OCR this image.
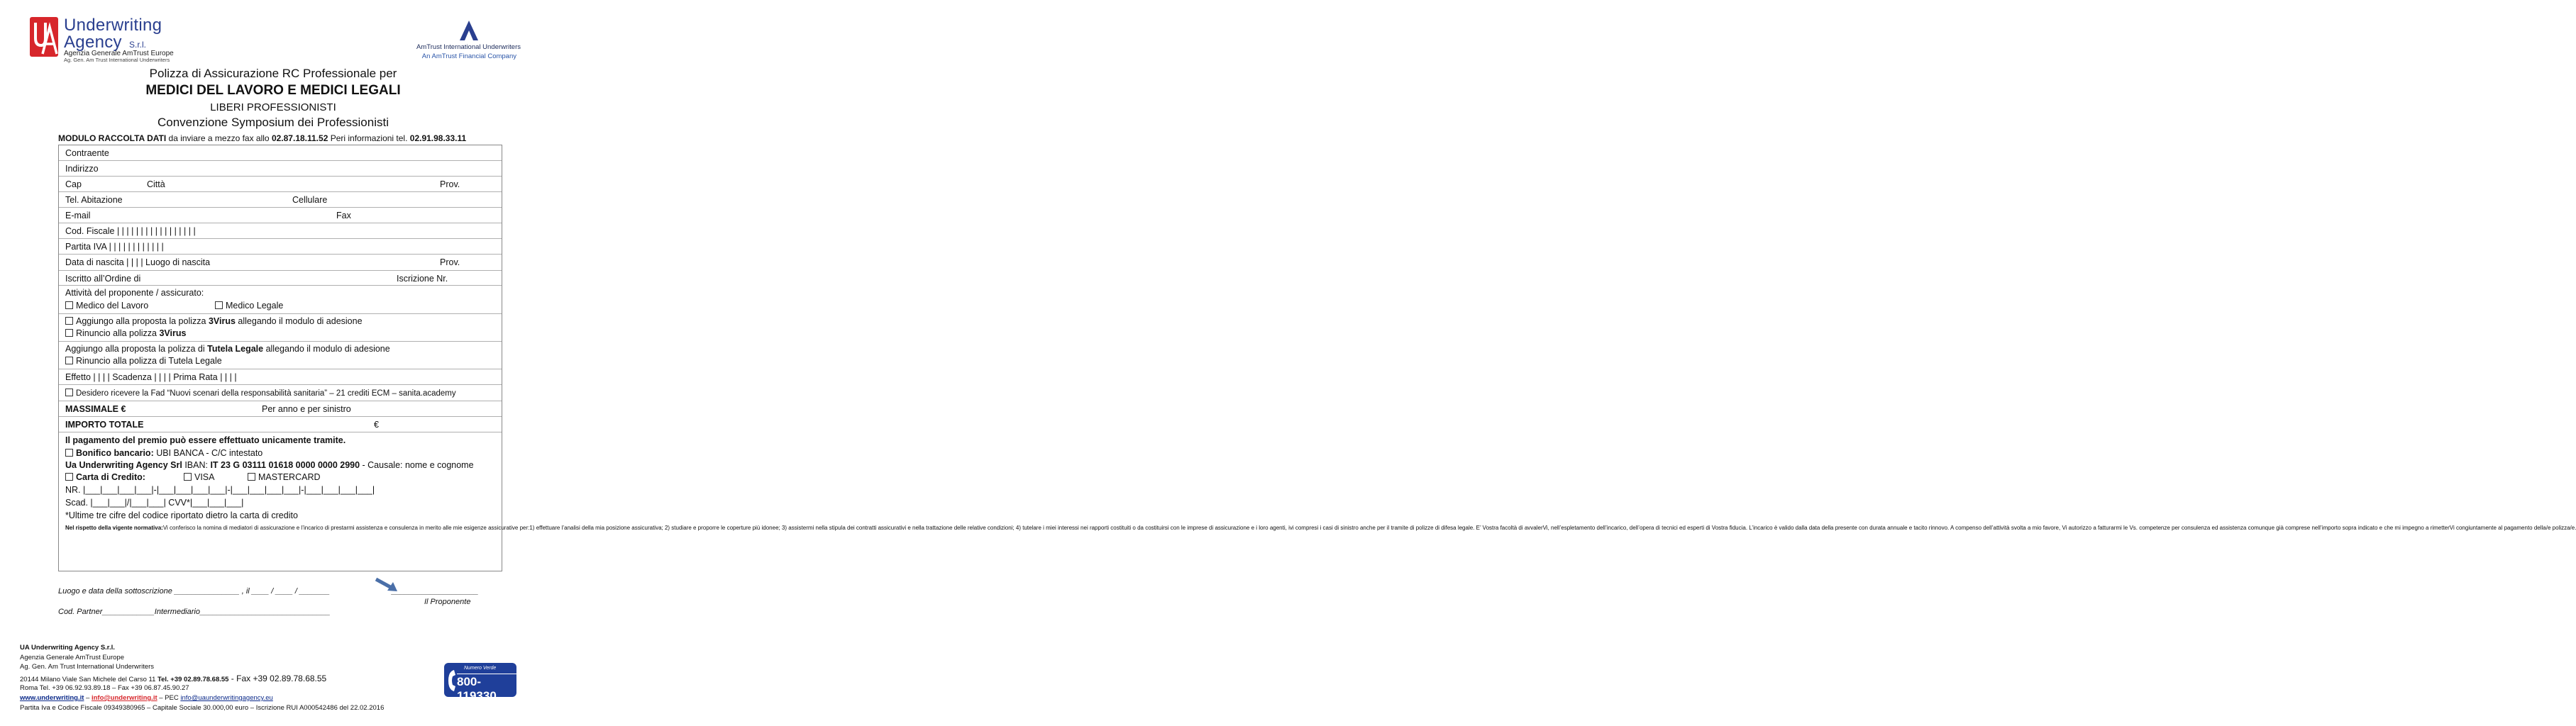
Underwriting
Agency S.r.l.
Agenzia Generale AmTrust Europe
Ag. Gen. Am Trust International Underwriters
AmTrust International Underwriters
An AmTrust Financial Company
Polizza di Assicurazione RC Professionale per
MEDICI DEL LAVORO E MEDICI LEGALI
LIBERI PROFESSIONISTI
Convenzione Symposium dei Professionisti
MODULO RACCOLTA DATI da inviare a mezzo fax allo 02.87.18.11.52 Peri informazioni tel. 02.91.98.33.11
Contraente
Indirizzo
Cap	Città	Prov.
Tel. Abitazione	Cellulare
E-mail	Fax
Cod. Fiscale | | | | | | | | | | | | | | | | |
Partita IVA | | | | | | | | | | | |
Data di nascita | | | | Luogo di nascita	Prov.
Iscritto all’Ordine di	Iscrizione Nr.
Attività del proponente / assicurato:
Medico del Lavoro	Medico Legale
Aggiungo alla proposta la polizza 3Virus allegando il modulo di adesione
Rinuncio alla polizza 3Virus
Aggiungo alla proposta la polizza di Tutela Legale allegando il modulo di adesione
Rinuncio alla polizza di Tutela Legale
Effetto | | | | Scadenza | | | | Prima Rata | | | |
Desidero ricevere la Fad “Nuovi scenari della responsabilità sanitaria” – 21 crediti ECM – sanita.academy
MASSIMALE €	Per anno e per sinistro
IMPORTO TOTALE	€
Il pagamento del premio può essere effettuato unicamente tramite.
Bonifico bancario: UBI BANCA - C/C intestato
Ua Underwriting Agency Srl IBAN: IT 23 G 03111 01618 0000 0000 2990 - Causale: nome e cognome
Carta di Credito:	VISA	MASTERCARD
NR. |___|___|___|___|-|___|___|___|___|-|___|___|___|___|-|___|___|___|___|
Scad. |___|___|/|___|___| CVV*|___|___|___|
*Ultime tre cifre del codice riportato dietro la carta di credito
Nel rispetto della vigente normativa: Vi conferisco la nomina di mediatori di assicurazione e l’incarico di prestarmi assistenza e consulenza in merito alle mie esigenze assicurative per:1) effettuare l’analisi della mia posizione assicurativa; 2) studiare e proporre le coperture più idonee; 3) assistermi nella stipula dei contratti assicurativi e nella trattazione delle relative condizioni; 4) tutelare i miei interessi nei rapporti costituiti o da costituirsi con le imprese di assicurazione e i loro agenti, ivi compresi i casi di sinistro anche per il tramite di polizze di difesa legale. E’ Vostra facoltà di avvalerVi, nell’espletamento dell’incarico, dell’opera di tecnici ed esperti di Vostra fiducia. L’incarico è valido dalla data della presente con durata annuale e tacito rinnovo. A compenso dell’attività svolta a mio favore, Vi autorizzo a fatturarmi le Vs. competenze per consulenza ed assistenza comunque già comprese nell’importo sopra indicato e che mi impegno a rimetterVi congiuntamente al pagamento della/e polizza/e.
Luogo e data della sottoscrizione _______________ , il ____ / ____ / _______	____________________
Il Proponente
Cod. Partner____________Intermediario______________________________
UA Underwriting Agency S.r.l.
Agenzia Generale AmTrust Europe
Ag. Gen. Am Trust International Underwriters
20144 Milano Viale San Michele del Carso 11 Tel. +39 02.89.78.68.55 - Fax +39 02.89.78.68.55
Roma Tel. +39 06.92.93.89.18 – Fax +39 06.87.45.90.27
www.underwriting.it – info@underwriting.it – PEC info@uaunderwritingagency.eu
Partita Iva e Codice Fiscale 09349380965 – Capitale Sociale 30.000,00 euro – Iscrizione RUI A000542486 del 22.02.2016
Numero Verde
800-119330
